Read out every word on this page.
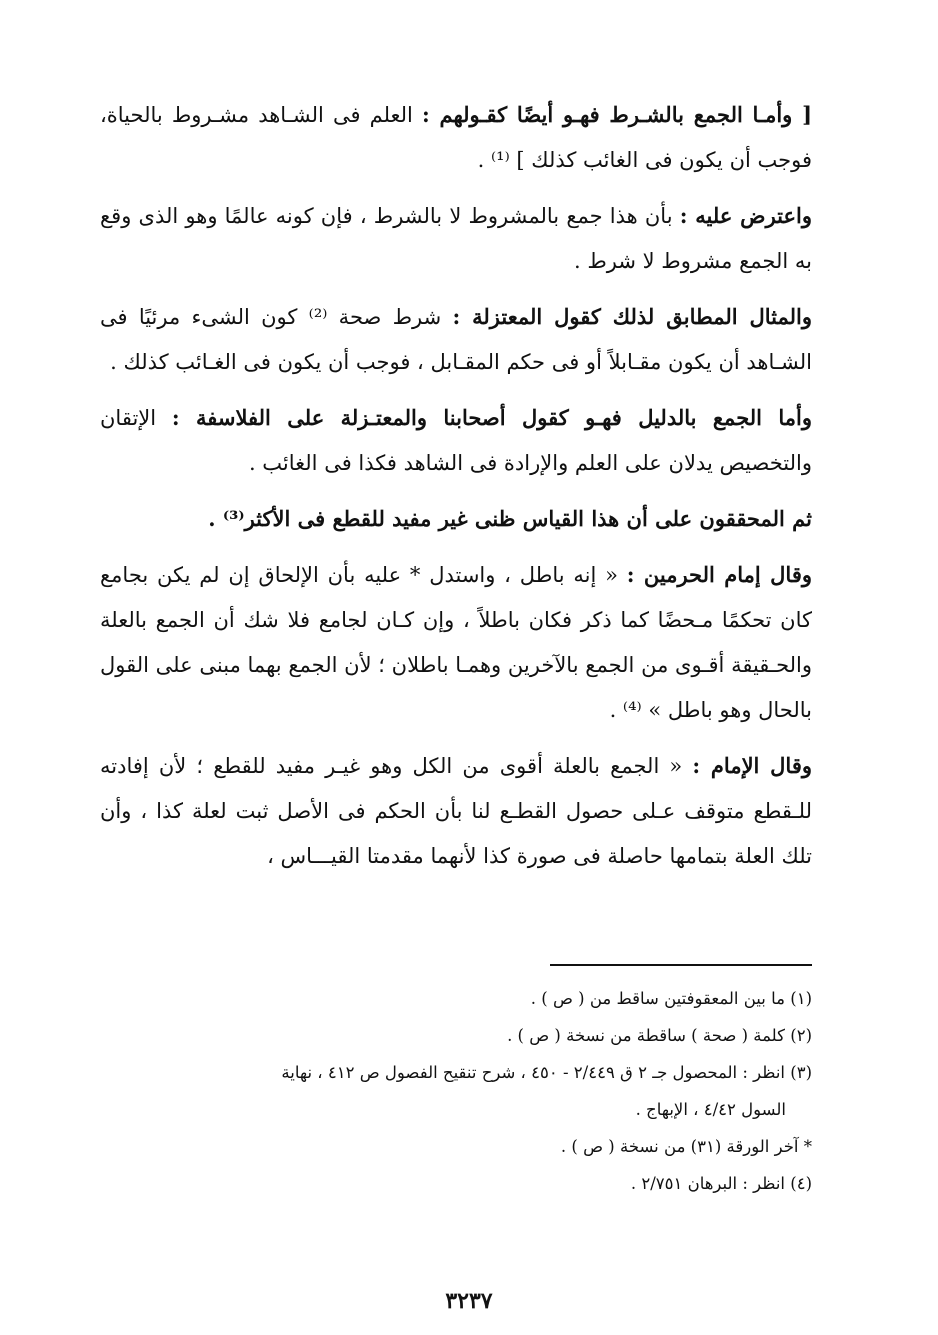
[ وأمـا الجمع بالشـرط فهـو أيضًا كقـولهم : العلم فى الشـاهد مشـروط بالحياة، فوجب أن يكون فى الغائب كذلك ] ⁽¹⁾ .

واعترض عليه : بأن هذا جمع بالمشروط لا بالشرط ، فإن كونه عالمًا وهو الذى وقع به الجمع مشروط لا شرط .

والمثال المطابق لذلك كقول المعتزلة : شرط صحة ⁽²⁾ كون الشىء مرئيًا فى الشـاهد أن يكون مقـابلاً أو فى حكم المقـابل ، فوجب أن يكون فى الغـائب كذلك .

وأما الجمع بالدليل فهـو كقول أصحابنا والمعتـزلة على الفلاسفة : الإتقان والتخصيص يدلان على العلم والإرادة فى الشاهد فكذا فى الغائب .

ثم المحققون على أن هذا القياس ظنى غير مفيد للقطع فى الأكثر⁽³⁾ .

وقال إمام الحرمين : « إنه باطل ، واستدل * عليه بأن الإلحاق إن لم يكن بجامع كان تحكمًا مـحضًا كما ذكر فكان باطلاً ، وإن كـان لجامع فلا شك أن الجمع بالعلة والحـقيقة أقـوى من الجمع بالآخرين وهمـا باطلان ؛ لأن الجمع بهما مبنى على القول بالحال وهو باطل » ⁽⁴⁾ .

وقال الإمام : « الجمع بالعلة أقوى من الكل وهو غيـر مفيد للقطع ؛ لأن إفادته للـقطع متوقف عـلى حصول القطـع لنا بأن الحكم فى الأصل ثبت لعلة كذا ، وأن تلك العلة بتمامها حاصلة فى صورة كذا لأنهما مقدمتا القيـــاس ،

(١) ما بين المعقوفتين ساقط من ( ص ) .

(٢) كلمة ( صحة ) ساقطة من نسخة ( ص ) .

(٣) انظر : المحصول جـ ٢ ق ٢/٤٤٩ - ٤٥٠ ، شرح تنقيح الفصول ص ٤١٢ ، نهاية
السول ٤/٤٢ ، الإبهاج .

* آخر الورقة (٣١) من نسخة ( ص ) .

(٤) انظر : البرهان ٢/٧٥١ .

٣٢٣٧
